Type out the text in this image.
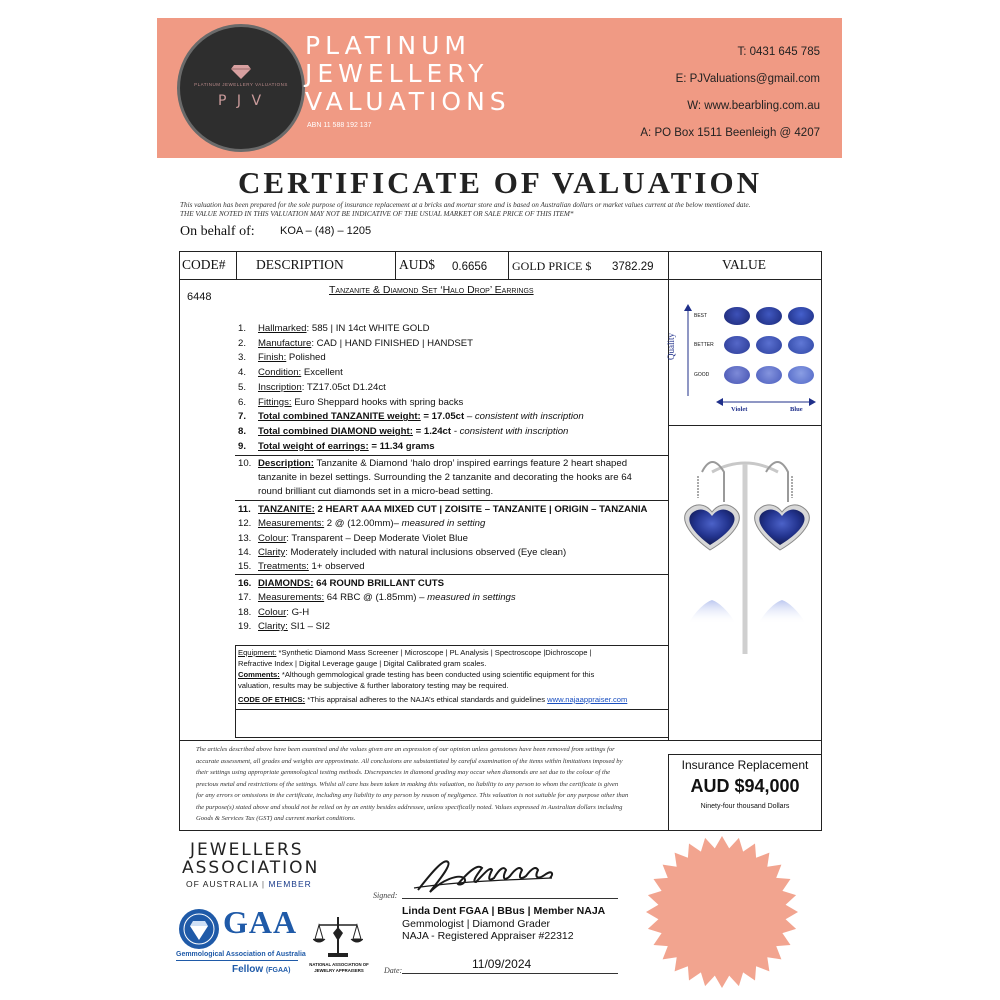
PLATINUM JEWELLERY VALUATIONS
P J V
PLATINUM
JEWELLERY
VALUATIONS
ABN 11 588 192 137
T: 0431 645 785
E: PJValuations@gmail.com
W: www.bearbling.com.au
A: PO Box 1511 Beenleigh @ 4207
CERTIFICATE OF VALUATION
This valuation has been prepared for the sole purpose of insurance replacement at a bricks and mortar store and is based on Australian dollars or market values current at the below mentioned date.
THE VALUE NOTED IN THIS VALUATION MAY NOT BE INDICATIVE OF THE USUAL MARKET OR SALE PRICE OF THIS ITEM*
On behalf of: KOA – (48) – 1205
CODE# DESCRIPTION	AUD$ 0.6656 GOLD PRICE $ 3782.29	VALUE
6448
Tanzanite & Diamond Set ‘Halo Drop’ Earrings
1. Hallmarked: 585 | IN 14ct WHITE GOLD
2. Manufacture: CAD | HAND FINISHED | HANDSET
3. Finish: Polished
4. Condition: Excellent
5. Inscription: TZ17.05ct D1.24ct
6. Fittings: Euro Sheppard hooks with spring backs
7. Total combined TANZANITE weight: = 17.05ct – consistent with inscription
8. Total combined DIAMOND weight: = 1.24ct - consistent with inscription
9. Total weight of earrings: = 11.34 grams
11. TANZANITE: 2 HEART AAA MIXED CUT | ZOISITE – TANZANITE | ORIGIN – TANZANIA
12. Measurements: 2 @ (12.00mm)– measured in setting
13. Colour: Transparent – Deep Moderate Violet Blue
14. Clarity: Moderately included with natural inclusions observed (Eye clean)
15. Treatments: 1+ observed
16. DIAMONDS: 64 ROUND BRILLANT CUTS
17. Measurements: 64 RBC @ (1.85mm) – measured in settings
18. Colour: G-H
19. Clarity: SI1 – SI2
10. Description: Tanzanite & Diamond ‘halo drop’ inspired earrings feature 2 heart shaped
tanzanite in bezel settings. Surrounding the 2 tanzanite and decorating the hooks are 64
round brilliant cut diamonds set in a micro-bead setting.
Equipment: *Synthetic Diamond Mass Screener | Microscope | PL Analysis | Spectroscope |Dichroscope |
Refractive Index | Digital Leverage gauge | Digital Calibrated gram scales.
Comments: *Although gemmological grade testing has been conducted using scientific equipment for this
valuation, results may be subjective & further laboratory testing may be required.
CODE OF ETHICS: *This appraisal adheres to the NAJA’s ethical standards and guidelines www.najaappraiser.com
Quality
BEST
BETTER
GOOD
Violet	Blue
The articles described above have been examined and the values given are an expression of our opinion unless gemstones have been removed from settings for
accurate assessment, all grades and weights are approximate. All conclusions are substantiated by careful examination of the items within limitations imposed by
their settings using appropriate gemmological testing methods. Discrepancies in diamond grading may occur when diamonds are set due to the colour of the
precious metal and restrictions of the settings. Whilst all care has been taken in making this valuation, no liability to any person to whom the certificate is given
for any errors or omissions in the certificate, including any liability to any person by reason of negligence. This valuation is not suitable for any purpose other than
the purpose(s) stated above and should not be relied on by an entity besides addressee, unless specifically noted. Values expressed in Australian dollars including
Goods & Services Tax (GST) and current market conditions.
Insurance Replacement
AUD $94,000
Ninety-four thousand Dollars
JEWELLERS
ASSOCIATION
OF AUSTRALIA | MEMBER
GAA
Gemmological Association of Australia
Fellow (FGAA)
NATIONAL ASSOCIATION OF JEWELRY APPRAISERS
Signed:
Linda Dent FGAA | BBus | Member NAJA
Gemmologist | Diamond Grader
NAJA - Registered Appraiser #22312
Date:	11/09/2024
